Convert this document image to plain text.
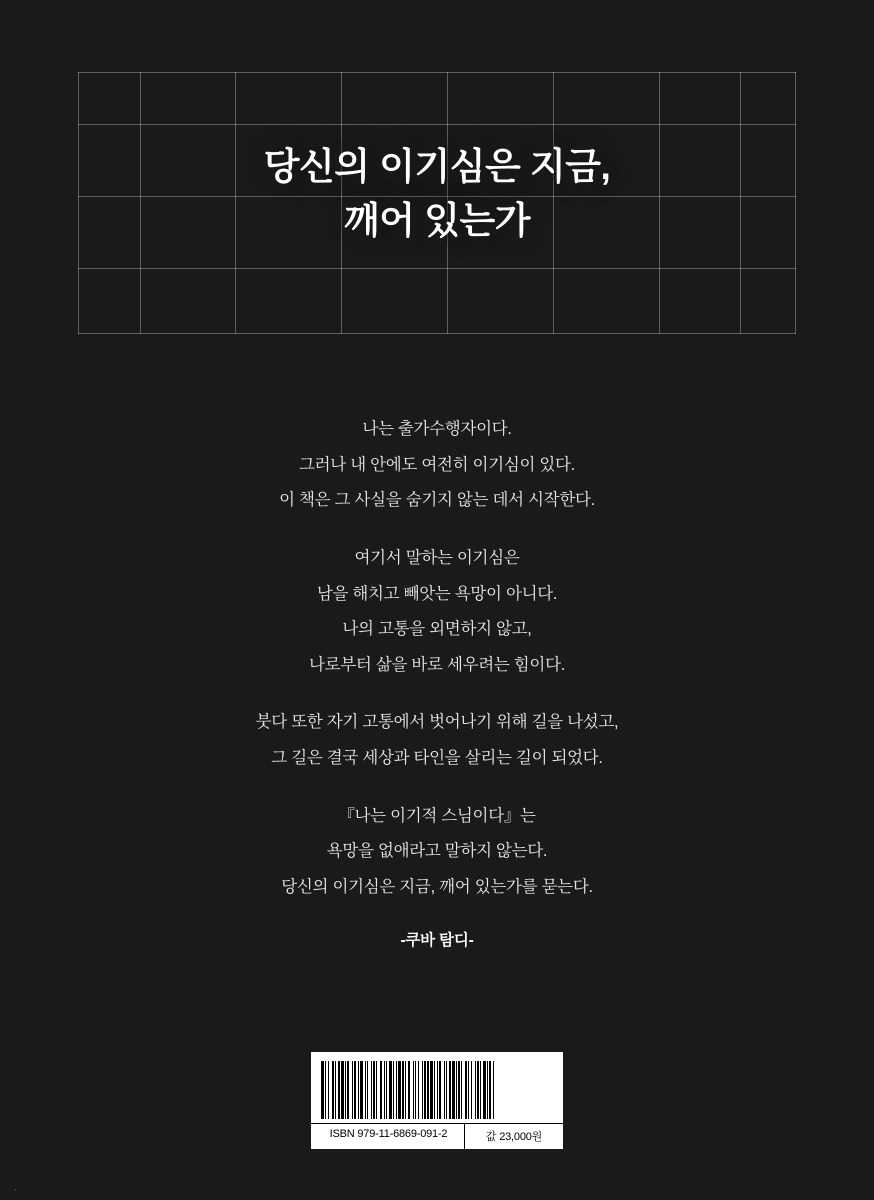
당신의 이기심은 지금,
깨어 있는가
나는 출가수행자이다.
그러나 내 안에도 여전히 이기심이 있다.
이 책은 그 사실을 숨기지 않는 데서 시작한다.
여기서 말하는 이기심은
남을 해치고 빼앗는 욕망이 아니다.
나의 고통을 외면하지 않고,
나로부터 삶을 바로 세우려는 힘이다.
붓다 또한 자기 고통에서 벗어나기 위해 길을 나섰고,
그 길은 결국 세상과 타인을 살리는 길이 되었다.
『나는 이기적 스님이다』는
욕망을 없애라고 말하지 않는다.
당신의 이기심은 지금, 깨어 있는가를 묻는다.
-쿠바 탐디-
ISBN 979-11-6869-091-2	값 23,000원
.
